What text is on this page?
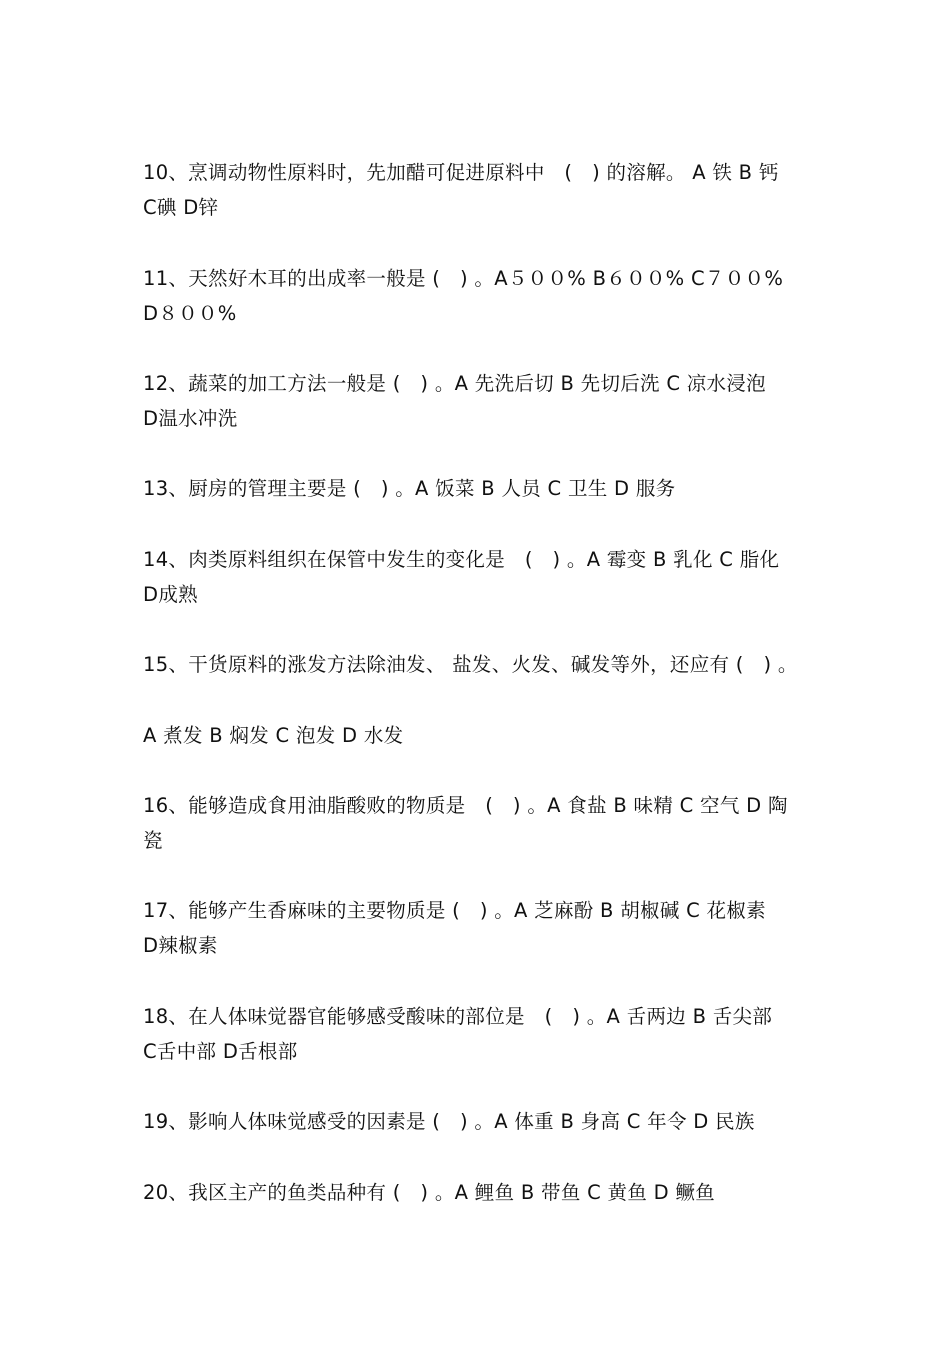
10、烹调动物性原料时，先加醋可促进原料中　(　) 的溶解。 A 铁 B 钙
C碘 D锌
11、天然好木耳的出成率一般是 (　) 。A５００% B６００% C７００%
D８００%
12、蔬菜的加工方法一般是 (　) 。A 先洗后切 B 先切后洗 C 凉水浸泡
D温水冲洗
13、厨房的管理主要是 (　) 。A 饭菜 B 人员 C 卫生 D 服务
14、肉类原料组织在保管中发生的变化是　(　) 。A 霉变 B 乳化 C 脂化
D成熟
15、干货原料的涨发方法除油发、 盐发、火发、碱发等外，还应有 (　) 。
A 煮发 B 焖发 C 泡发 D 水发
16、能够造成食用油脂酸败的物质是　(　) 。A 食盐 B 味精 C 空气 D 陶
瓷
17、能够产生香麻味的主要物质是 (　) 。A 芝麻酚 B 胡椒碱 C 花椒素
D辣椒素
18、在人体味觉器官能够感受酸味的部位是　(　) 。A 舌两边 B 舌尖部
C舌中部 D舌根部
19、影响人体味觉感受的因素是 (　) 。A 体重 B 身高 C 年令 D 民族
20、我区主产的鱼类品种有 (　) 。A 鲤鱼 B 带鱼 C 黄鱼 D 鳜鱼
